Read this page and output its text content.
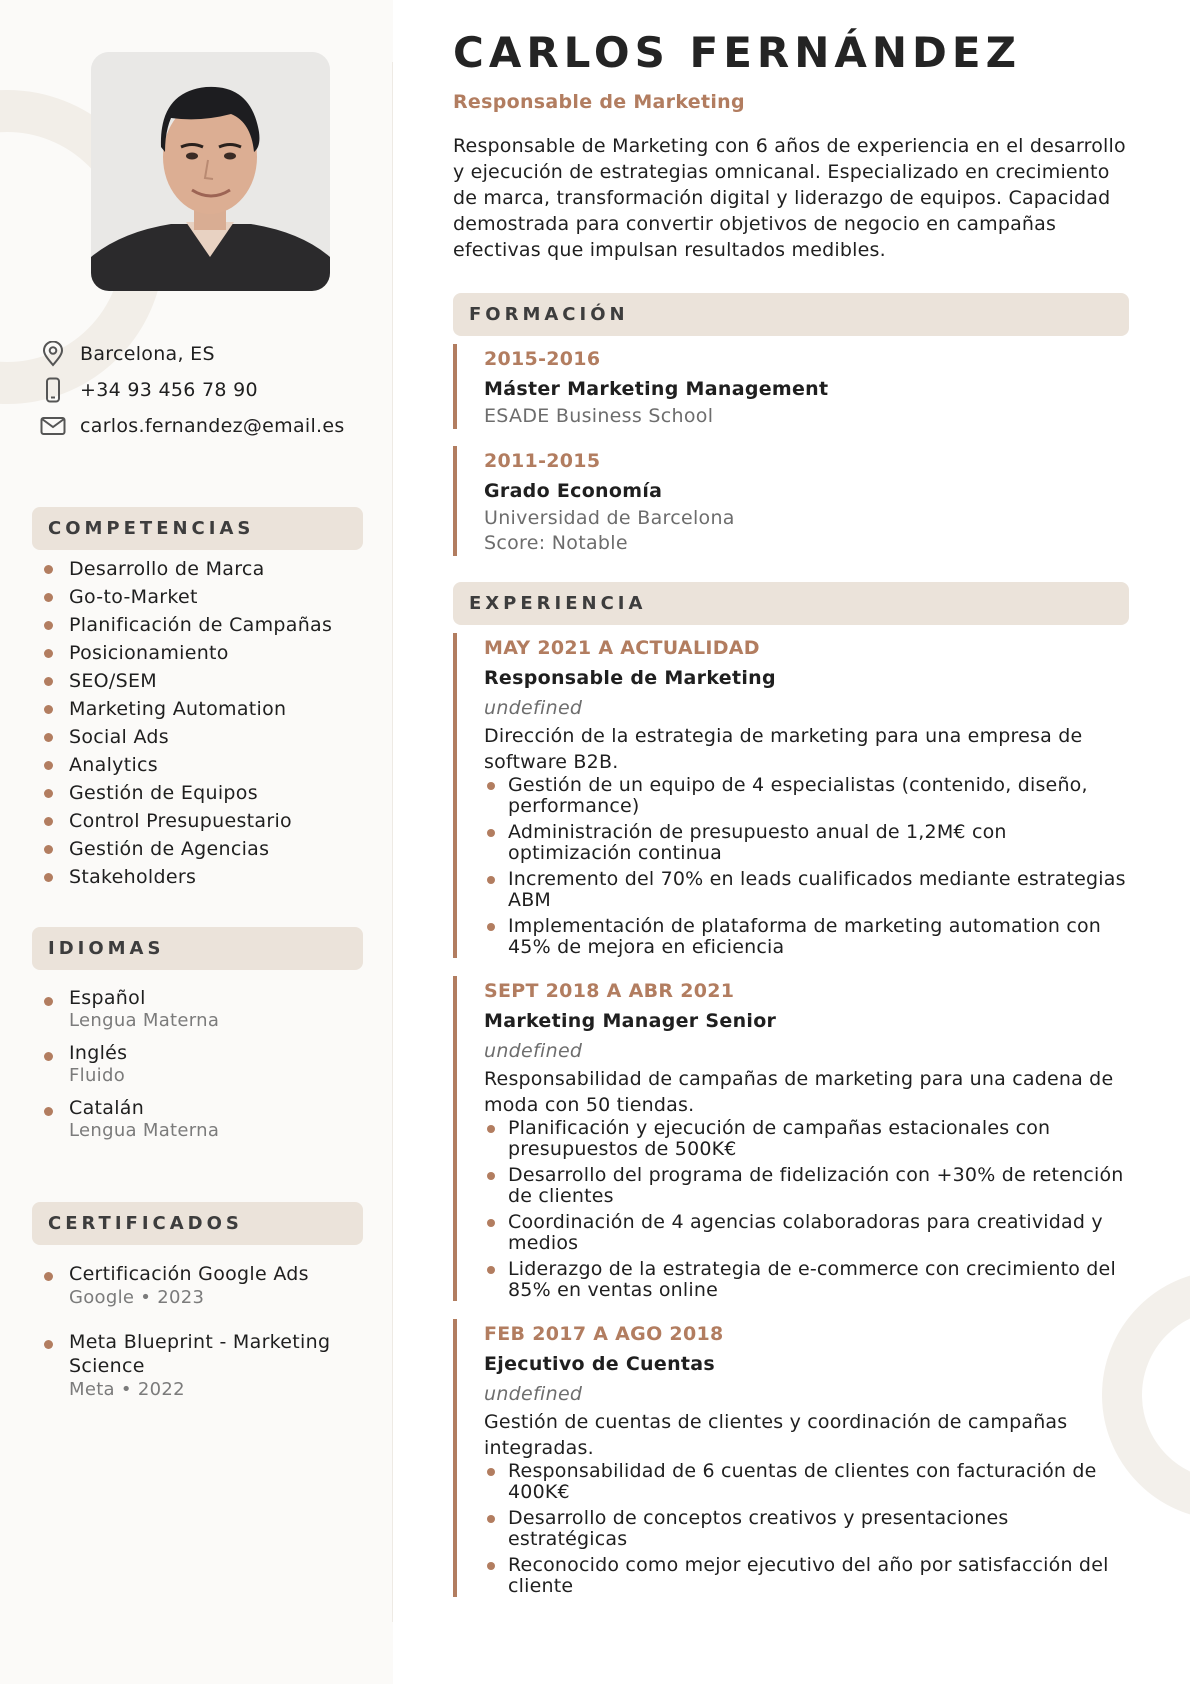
Barcelona, ES
+34 93 456 78 90
carlos.fernandez@email.es
COMPETENCIAS
Desarrollo de Marca
Go-to-Market
Planificación de Campañas
Posicionamiento
SEO/SEM
Marketing Automation
Social Ads
Analytics
Gestión de Equipos
Control Presupuestario
Gestión de Agencias
Stakeholders
IDIOMAS
Español
Lengua Materna
Inglés
Fluido
Catalán
Lengua Materna
CERTIFICADOS
Certificación Google Ads
Google • 2023
Meta Blueprint - Marketing Science
Meta • 2022
CARLOS FERNÁNDEZ
Responsable de Marketing
Responsable de Marketing con 6 años de experiencia en el desarrollo y ejecución de estrategias omnicanal. Especializado en crecimiento de marca, transformación digital y liderazgo de equipos. Capacidad demostrada para convertir objetivos de negocio en campañas efectivas que impulsan resultados medibles.
FORMACIÓN
2015-2016
Máster Marketing Management
ESADE Business School
2011-2015
Grado Economía
Universidad de Barcelona
Score: Notable
EXPERIENCIA
MAY 2021 A ACTUALIDAD
Responsable de Marketing
undefined
Dirección de la estrategia de marketing para una empresa de software B2B.
Gestión de un equipo de 4 especialistas (contenido, diseño, performance)
Administración de presupuesto anual de 1,2M€ con optimización continua
Incremento del 70% en leads cualificados mediante estrategias ABM
Implementación de plataforma de marketing automation con 45% de mejora en eficiencia
SEPT 2018 A ABR 2021
Marketing Manager Senior
undefined
Responsabilidad de campañas de marketing para una cadena de moda con 50 tiendas.
Planificación y ejecución de campañas estacionales con presupuestos de 500K€
Desarrollo del programa de fidelización con +30% de retención de clientes
Coordinación de 4 agencias colaboradoras para creatividad y medios
Liderazgo de la estrategia de e-commerce con crecimiento del 85% en ventas online
FEB 2017 A AGO 2018
Ejecutivo de Cuentas
undefined
Gestión de cuentas de clientes y coordinación de campañas integradas.
Responsabilidad de 6 cuentas de clientes con facturación de 400K€
Desarrollo de conceptos creativos y presentaciones estratégicas
Reconocido como mejor ejecutivo del año por satisfacción del cliente
